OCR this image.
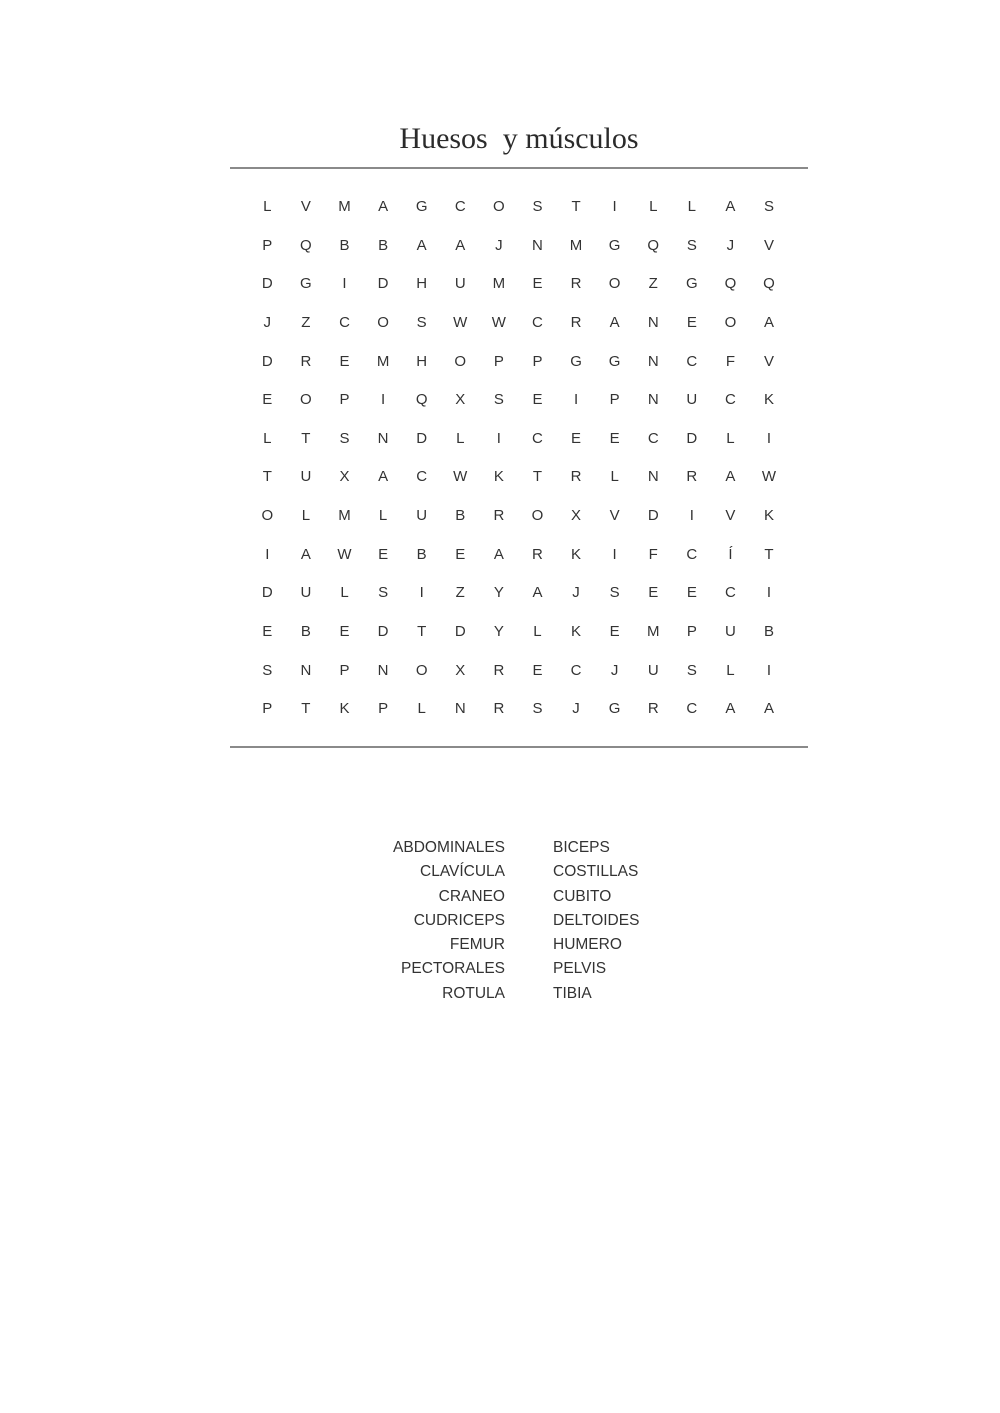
Huesos  y músculos
L	V	M	A	G	C	O	S	T	I	L	L	A	S
P	Q	B	B	A	A	J	N	M	G	Q	S	J	V
D	G	I	D	H	U	M	E	R	O	Z	G	Q	Q
J	Z	C	O	S	W	W	C	R	A	N	E	O	A
D	R	E	M	H	O	P	P	G	G	N	C	F	V
E	O	P	I	Q	X	S	E	I	P	N	U	C	K
L	T	S	N	D	L	I	C	E	E	C	D	L	I
T	U	X	A	C	W	K	T	R	L	N	R	A	W
O	L	M	L	U	B	R	O	X	V	D	I	V	K
I	A	W	E	B	E	A	R	K	I	F	C	Í	T
D	U	L	S	I	Z	Y	A	J	S	E	E	C	I
E	B	E	D	T	D	Y	L	K	E	M	P	U	B
S	N	P	N	O	X	R	E	C	J	U	S	L	I
P	T	K	P	L	N	R	S	J	G	R	C	A	A
ABDOMINALES	BICEPS
CLAVÍCULA	COSTILLAS
CRANEO	CUBITO
CUDRICEPS	DELTOIDES
FEMUR	HUMERO
PECTORALES	PELVIS
ROTULA	TIBIA
